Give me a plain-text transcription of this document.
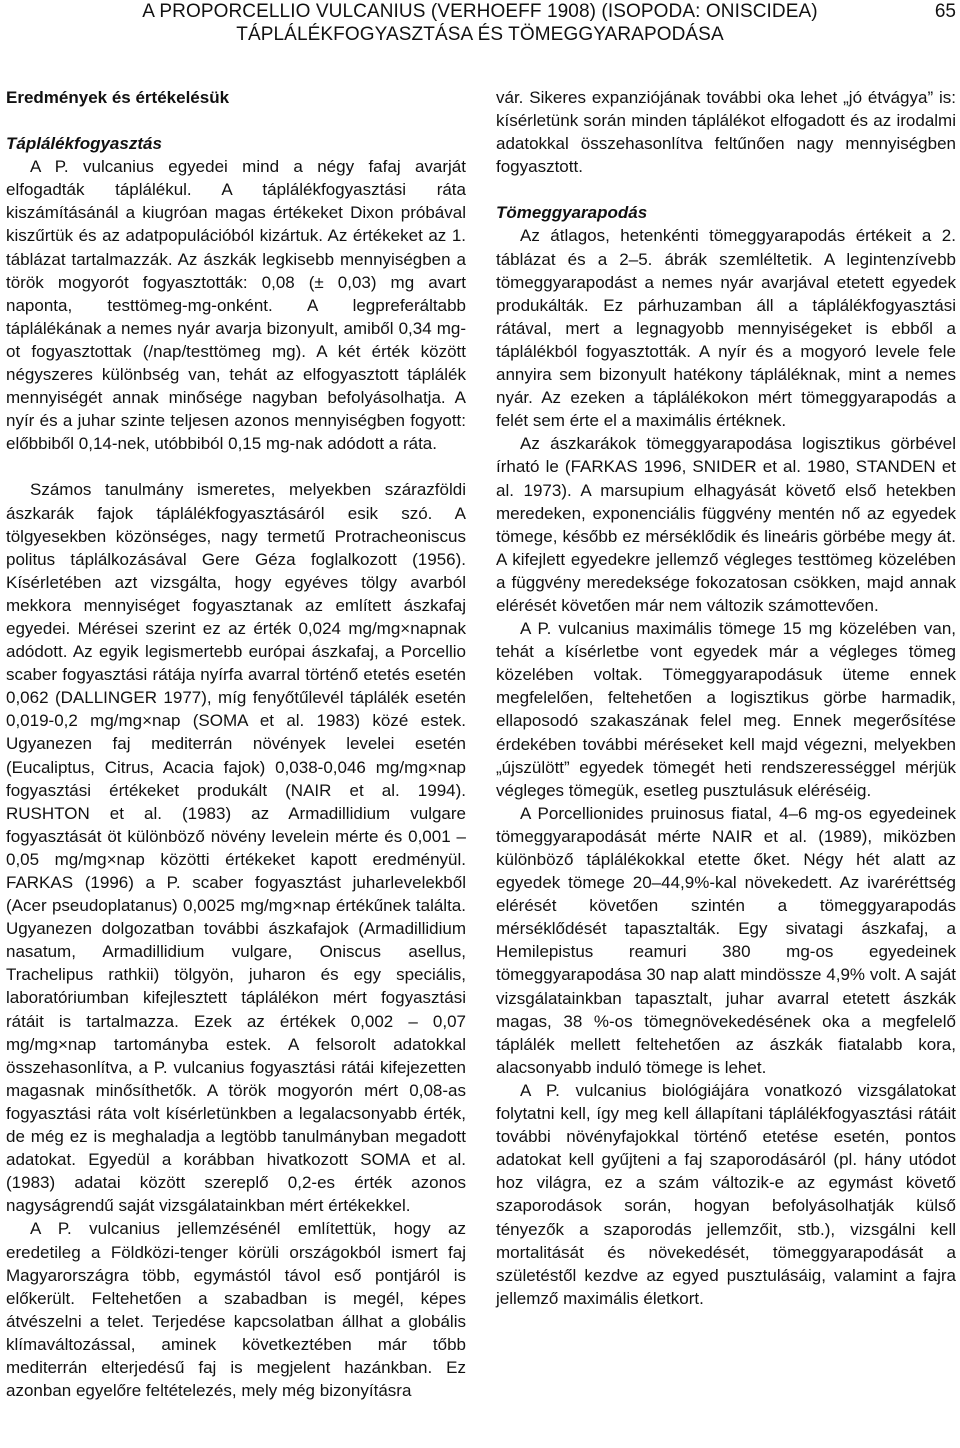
A PROPORCELLIO VULCANIUS (VERHOEFF 1908) (ISOPODA: ONISCIDEA)
TÁPLÁLÉKFOGYASZTÁSA ÉS TÖMEGGYARAPODÁSA
65

Eredmények és értékelésük

Táplálékfogyasztás

A P. vulcanius egyedei mind a négy fafaj avarját elfogadták táplálékul. A táplálékfogyasztási ráta kiszámításánál a kiugróan magas értékeket Dixon próbával kiszűrtük és az adatpopulációból kizártuk. Az értékeket az 1. táblázat tartalmazzák. Az ászkák legkisebb mennyiségben a török mogyorót fogyasztották: 0,08 (± 0,03) mg avart naponta, testtömeg-mg-onként. A legpreferáltabb táplálékának a nemes nyár avarja bizonyult, amiből 0,34 mg-ot fogyasztottak (/nap/testtömeg mg). A két érték között négyszeres különbség van, tehát az elfogyasztott táplálék mennyiségét annak minősége nagyban befolyásolhatja. A nyír és a juhar szinte teljesen azonos mennyiségben fogyott: előbbiből 0,14-nek, utóbbiból 0,15 mg-nak adódott a ráta.

Számos tanulmány ismeretes, melyekben szárazföldi ászkarák fajok táplálékfogyasztásáról esik szó. A tölgyesekben közönséges, nagy termetű Protracheoniscus politus táplálkozásával Gere Géza foglalkozott (1956). Kísérletében azt vizsgálta, hogy egyéves tölgy avarból mekkora mennyiséget fogyasztanak az említett ászkafaj egyedei. Mérései szerint ez az érték 0,024 mg/mg×napnak adódott. Az egyik legismertebb európai ászkafaj, a Porcellio scaber fogyasztási rátája nyírfa avarral történő etetés esetén 0,062 (DALLINGER 1977), míg fenyőtűlevél táplálék esetén 0,019-0,2 mg/mg×nap (SOMA et al. 1983) közé estek. Ugyanezen faj mediterrán növények levelei esetén (Eucaliptus, Citrus, Acacia fajok) 0,038-0,046 mg/mg×nap fogyasztási értékeket produkált (NAIR et al. 1994). RUSHTON et al. (1983) az Armadillidium vulgare fogyasztását öt különböző növény levelein mérte és 0,001 – 0,05 mg/mg×nap közötti értékeket kapott eredményül. FARKAS (1996) a P. scaber fogyasztást juharlevelekből (Acer pseudoplatanus) 0,0025 mg/mg×nap értékűnek találta. Ugyanezen dolgozatban további ászkafajok (Armadillidium nasatum, Armadillidium vulgare, Oniscus asellus, Trachelipus rathkii) tölgyön, juharon és egy speciális, laboratóriumban kifejlesztett táplálékon mért fogyasztási rátáit is tartalmazza. Ezek az értékek 0,002 – 0,07 mg/mg×nap tartományba estek. A felsorolt adatokkal összehasonlítva, a P. vulcanius fogyasztási rátái kifejezetten magasnak minősíthetők. A török mogyorón mért 0,08-as fogyasztási ráta volt kísérletünkben a legalacsonyabb érték, de még ez is meghaladja a legtöbb tanulmányban megadott adatokat. Egyedül a korábban hivatkozott SOMA et al. (1983) adatai között szereplő 0,2-es érték azonos nagyságrendű saját vizsgálatainkban mért értékekkel.

A P. vulcanius jellemzésénél említettük, hogy az eredetileg a Földközi-tenger körüli országokból ismert faj Magyarországra több, egymástól távol eső pontjáról is előkerült. Feltehetően a szabadban is megél, képes átvészelni a telet. Terjedése kapcsolatban állhat a globális klímaváltozással, aminek következtében már tőbb mediterrán elterjedésű faj is megjelent hazánkban. Ez azonban egyelőre feltételezés, mely még bizonyításra

vár. Sikeres expanziójának további oka lehet „jó étvágya” is: kísérletünk során minden táplálékot elfogadott és az irodalmi adatokkal összehasonlítva feltűnően nagy mennyiségben fogyasztott.

Tömeggyarapodás

Az átlagos, hetenkénti tömeggyarapodás értékeit a 2. táblázat és a 2–5. ábrák szemléltetik. A legintenzívebb tömeggyarapodást a nemes nyár avarjával etetett egyedek produkálták. Ez párhuzamban áll a táplálékfogyasztási rátával, mert a legnagyobb mennyiségeket is ebből a táplálékból fogyasztották. A nyír és a mogyoró levele fele annyira sem bizonyult hatékony tápláléknak, mint a nemes nyár. Az ezeken a táplálékokon mért tömeggyarapodás a felét sem érte el a maximális értéknek.

Az ászkarákok tömeggyarapodása logisztikus görbével írható le (FARKAS 1996, SNIDER et al. 1980, STANDEN et al. 1973). A marsupium elhagyását követő első hetekben meredeken, exponenciális függvény mentén nő az egyedek tömege, később ez mérséklődik és lineáris görbébe megy át. A kifejlett egyedekre jellemző végleges testtömeg közelében a függvény meredeksége fokozatosan csökken, majd annak elérését követően már nem változik számottevően.

A P. vulcanius maximális tömege 15 mg közelében van, tehát a kísérletbe vont egyedek már a végleges tömeg közelében voltak. Tömeggyarapodásuk üteme ennek megfelelően, feltehetően a logisztikus görbe harmadik, ellaposodó szakaszának felel meg. Ennek megerősítése érdekében további méréseket kell majd végezni, melyekben „újszülött” egyedek tömegét heti rendszerességgel mérjük végleges tömegük, esetleg pusztulásuk eléréséig.

A Porcellionides pruinosus fiatal, 4–6 mg-os egyedeinek tömeggyarapodását mérte NAIR et al. (1989), miközben különböző táplálékokkal etette őket. Négy hét alatt az egyedek tömege 20–44,9%-kal növekedett. Az ivaréréttség elérését követően szintén a tömeggyarapodás mérséklődését tapasztalták. Egy sivatagi ászkafaj, a Hemilepistus reamuri 380 mg-os egyedeinek tömeggyarapodása 30 nap alatt mindössze 4,9% volt. A saját vizsgálatainkban tapasztalt, juhar avarral etetett ászkák magas, 38 %-os tömegnövekedésének oka a megfelelő táplálék mellett feltehetően az ászkák fiatalabb kora, alacsonyabb induló tömege is lehet.

A P. vulcanius biológiájára vonatkozó vizsgálatokat folytatni kell, így meg kell állapítani táplálékfogyasztási rátáit további növényfajokkal történő etetése esetén, pontos adatokat kell gyűjteni a faj szaporodásáról (pl. hány utódot hoz világra, ez a szám változik-e az egymást követő szaporodások során, hogyan befolyásolhatják külső tényezők a szaporodás jellemzőit, stb.), vizsgálni kell mortalitását és növekedését, tömeggyarapodását a születéstől kezdve az egyed pusztulásáig, valamint a fajra jellemző maximális életkort.
